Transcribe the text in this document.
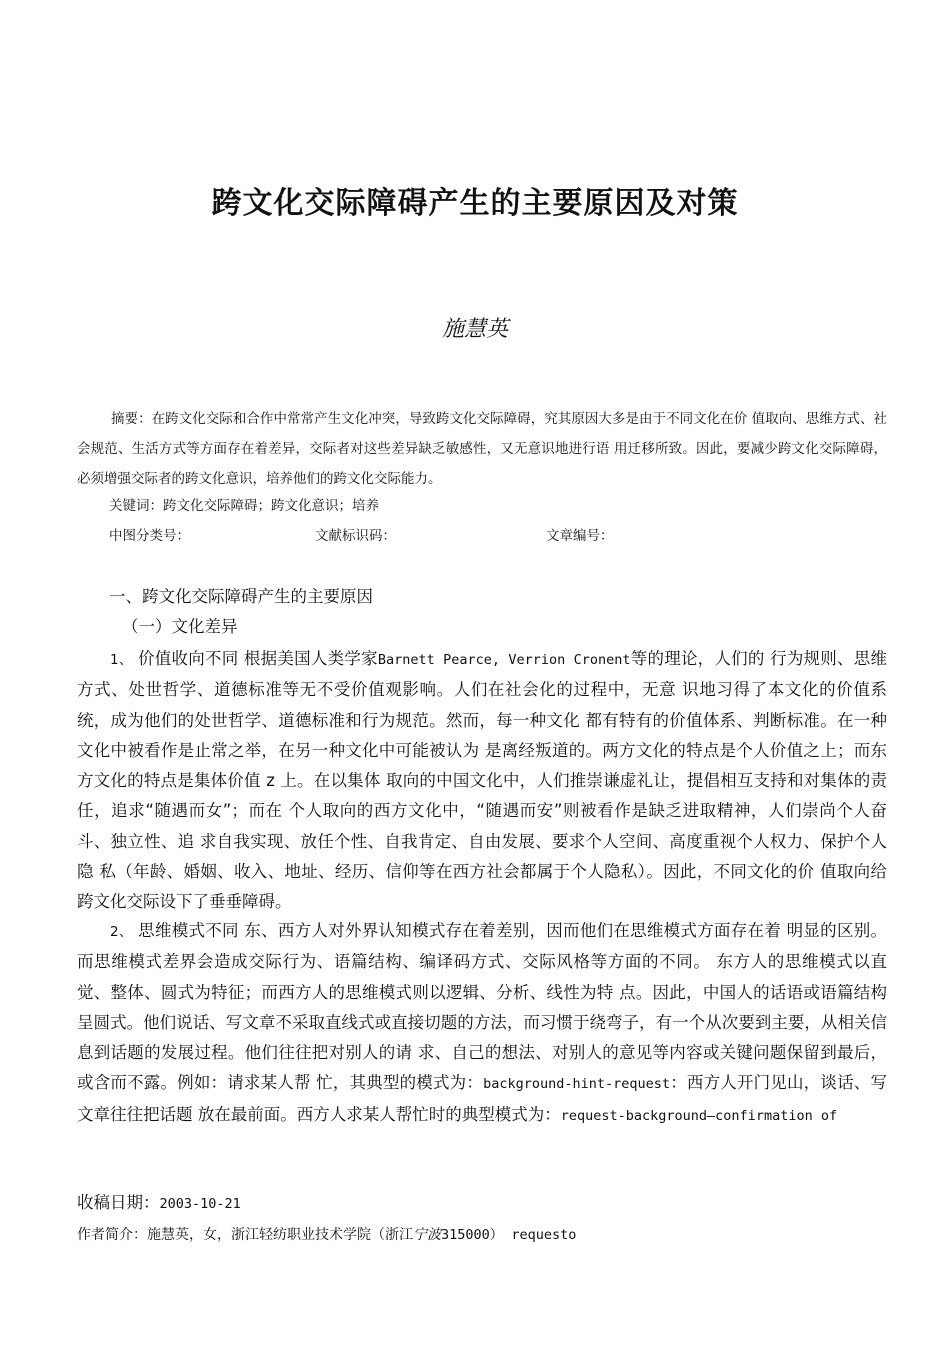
跨文化交际障碍产生的主要原因及对策
施慧英
摘要：在跨文化交际和合作中常常产生文化冲突，导致跨文化交际障碍，究其原因大多是由于不同文化在价 值取向、思维方式、社会规范、生活方式等方面存在着差异，交际者对这些差异缺乏敏感性，又无意识地进行语 用迁移所致。因此，要减少跨文化交际障碍，必须增强交际者的跨文化意识，培养他们的跨文化交际能力。
关键词：跨文化交际障碍；跨文化意识；培养
中图分类号：	文献标识码：	文章编号：
一、跨文化交际障碍产生的主要原因
（一）文化差异
1、 价值收向不同 根据美国人类学家Barnett Pearce, Verrion Cronent等的理论，人们的 行为规则、思维方式、处世哲学、道德标准等无不受价值观影响。人们在社会化的过程中，无意 识地习得了本文化的价值系统，成为他们的处世哲学、道德标准和行为规范。然而，每一种文化 都有特有的价值体系、判断标准。在一种文化中被看作是止常之举，在另一种文化中可能被认为 是离经叛道的。两方文化的特点是个人价值之上；而东方文化的特点是集体价值 z 上。在以集体 取向的中国文化中，人们推崇谦虚礼让，提倡相互支持和对集体的责任，追求“随遇而女”；而在 个人取向的西方文化中，“随遇而安”则被看作是缺乏进取精神，人们崇尚个人奋斗、独立性、追 求自我实现、放任个性、自我肯定、自由发展、要求个人空间、高度重视个人权力、保护个人隐 私（年龄、婚姻、收入、地址、经历、信仰等在西方社会都属于个人隐私）。因此，不同文化的价 值取向给跨文化交际设下了垂垂障碍。
2、 思维模式不同 东、西方人对外界认知模式存在着差别，因而他们在思维模式方面存在着 明显的区别。而思维模式差界会造成交际行为、语篇结构、编译码方式、交际风格等方面的不同。 东方人的思维模式以直觉、整体、圆式为特征；而西方人的思维模式则以逻辑、分析、线性为特 点。因此，中国人的话语或语篇结构呈圆式。他们说话、写文章不采取直线式或直接切题的方法，而习惯于绕弯子，有一个从次要到主要，从相关信息到话题的发展过程。他们往往把对别人的请 求、自己的想法、对别人的意见等内容或关键问题保留到最后，或含而不露。例如：请求某人帮 忙，其典型的模式为：background-hint-request：西方人开门见山，谈话、写文章往往把话题 放在最前面。西方人求某人帮忙时的典型模式为：request-background—confirmation of
收稿日期：2003-10-21
作者简介：施慧英，女，浙江轻纺职业技术学院（浙江宁波315000） requesto
